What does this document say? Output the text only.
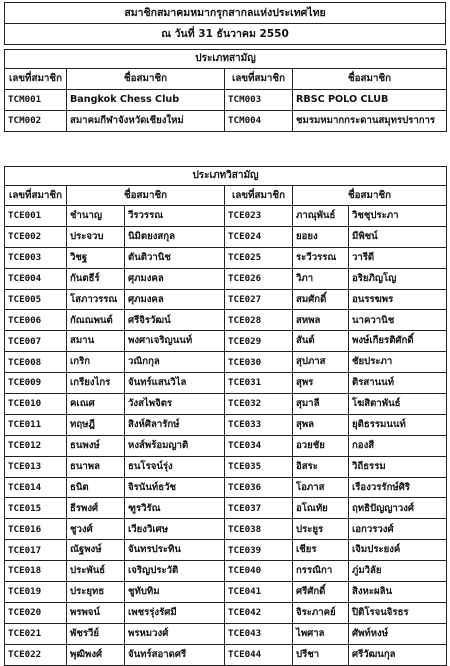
สมาชิกสมาคมหมากรุกสากลแห่งประเทศไทย
ณ วันที่ 31 ธันวาคม 2550
ประเภทสามัญ			
เลขที่สมาชิก	ชื่อสมาชิก	เลขที่สมาชิก	ชื่อสมาชิก
TCM001	Bangkok Chess Club	TCM003	RBSC POLO CLUB
TCM002	สมาคมกีฬาจังหวัดเชียงใหม่	TCM004	ชมรมหมากกระดานสมุทรปราการ
ประเภทวิสามัญ					
เลขที่สมาชิก	ชื่อสมาชิก		เลขที่สมาชิก	ชื่อสมาชิก	
TCE001	ชำนาญ	วีรวรรณ	TCE023	ภาณุพันธ์	วิชชุประภา
TCE002	ประจวบ	นิมิตยงสกุล	TCE024	ยอยง	มีพิชน์
TCE003	วิชฐ	ตันติวานิช	TCE025	ระวีวรรณ	วารีดี
TCE004	กันตธีร์	ศุภมงคล	TCE026	วิภา	อริยภิญโญ
TCE005	โสภาวรรณ	ศุภมงคล	TCE027	สมศักดิ์	อนรรฆพร
TCE006	กัณณพนต์	ศรีจิรวัฒน์	TCE028	สหพล	นาควานิช
TCE007	สมาน	พงศาเจริญนนท์	TCE029	สันต์	พงษ์เกียรติศักดิ์
TCE008	เกริก	วณิกกุล	TCE030	สุปภาส	ชัยประภา
TCE009	เกรียงไกร	จันทร์แสนวิไล	TCE031	สุพร	ติรสานนท์
TCE010	คเณศ	วังสไพจิตร	TCE032	สุมาลี	โฆสิตาพันธ์
TCE011	ทฤษฎี	สิงห์ศิลารักษ์	TCE033	สุพล	ยุติธรรมนนท์
TCE012	ธนพงษ์	หงส์พร้อมญาติ	TCE034	อวยชัย	กองสี
TCE013	ธนาพล	ธนโรจน์รุ่ง	TCE035	อิสระ	วิถีธรรม
TCE014	ธนิต	จิรนันท์ธวัช	TCE036	โอภาส	เรืองวรรักษ์ศิริ
TCE015	ธีรพงศ์	ฑูรวิรัณ	TCE037	อโณทัย	ฤทธิปัญญาวงศ์
TCE016	ชูวงศ์	เวียงวิเศษ	TCE038	ประยูร	เอกวรวงศ์
TCE017	ณัฐพงษ์	จันทรประทิน	TCE039	เชียร	เจิมประยงค์
TCE018	ประพันธ์	เจริญประวัติ	TCE040	กรรณิกา	ภู่มวิลัย
TCE019	ประยุทธ	ชูทับทิม	TCE041	ศรีศักดิ์	สิงหะผลิน
TCE020	พรพจน์	เพชรรุ่งรัศมี	TCE042	จิระภาคย์	ปิติโรจนจิรธร
TCE021	พัชรวีย์	พรหมวงศ์	TCE043	ไพศาล	ศัพท์หงษ์
TCE022	พุฒิพงศ์	จันทร์สอาดศรี	TCE044	ปรีชา	ศรีวัฒนกุล
